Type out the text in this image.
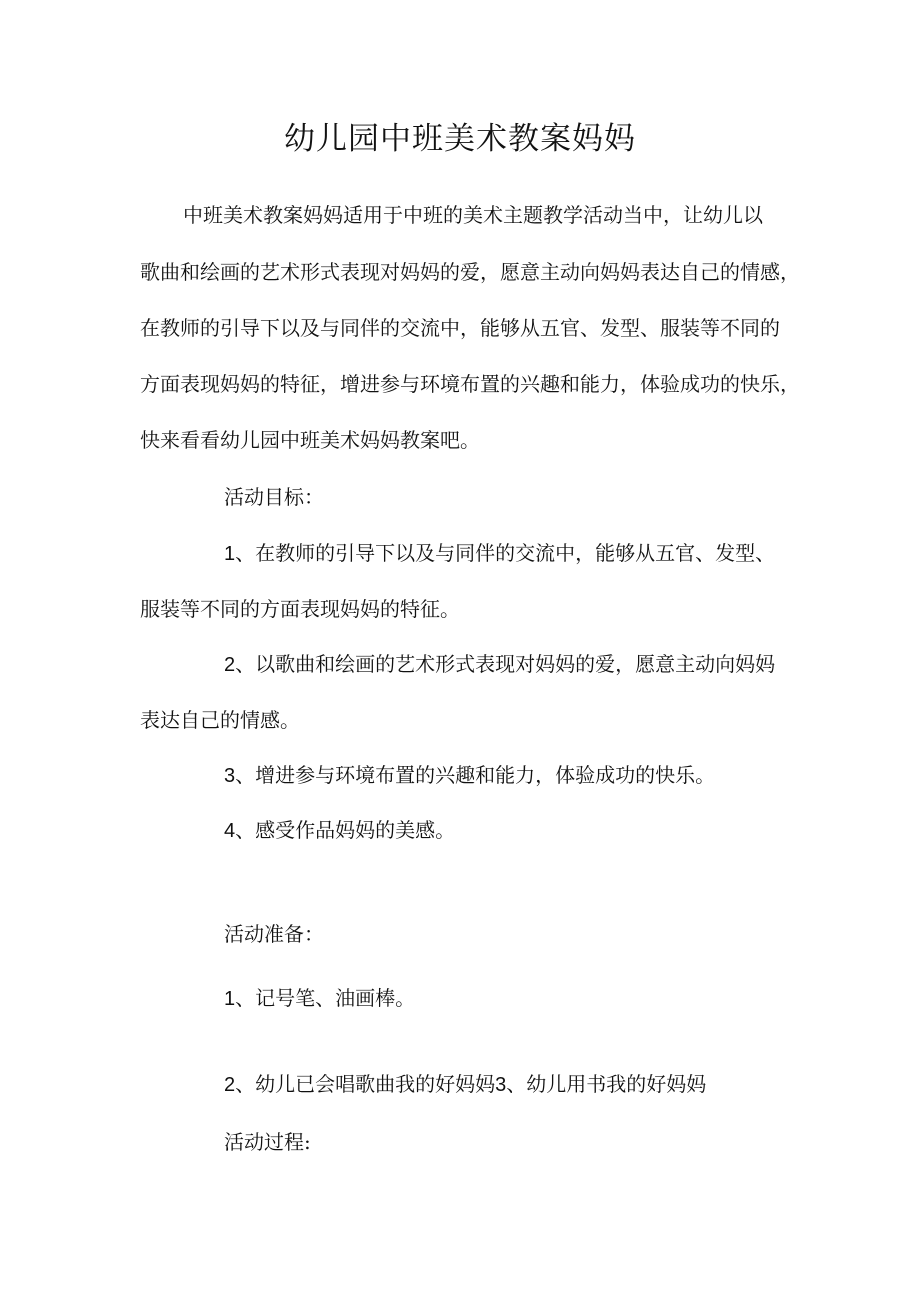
幼儿园中班美术教案妈妈
中班美术教案妈妈适用于中班的美术主题教学活动当中，让幼儿以
歌曲和绘画的艺术形式表现对妈妈的爱，愿意主动向妈妈表达自己的情感，
在教师的引导下以及与同伴的交流中，能够从五官、发型、服装等不同的
方面表现妈妈的特征，增进参与环境布置的兴趣和能力，体验成功的快乐，
快来看看幼儿园中班美术妈妈教案吧。
活动目标：
1、在教师的引导下以及与同伴的交流中，能够从五官、发型、
服装等不同的方面表现妈妈的特征。
2、以歌曲和绘画的艺术形式表现对妈妈的爱，愿意主动向妈妈
表达自己的情感。
3、增进参与环境布置的兴趣和能力，体验成功的快乐。
4、感受作品妈妈的美感。
活动准备：
1、记号笔、油画棒。
2、幼儿已会唱歌曲我的好妈妈3、幼儿用书我的好妈妈
活动过程:
